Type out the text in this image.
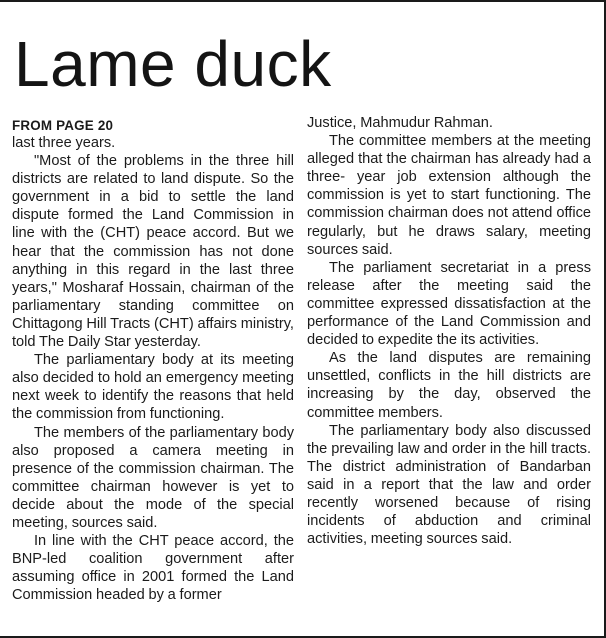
Lame duck
FROM PAGE 20

last three years.

"Most of the problems in the three hill districts are related to land dispute. So the government in a bid to settle the land dispute formed the Land Commission in line with the (CHT) peace accord. But we hear that the commission has not done anything in this regard in the last three years," Mosharaf Hossain, chairman of the parliamentary standing committee on Chittagong Hill Tracts (CHT) affairs ministry, told The Daily Star yesterday.

The parliamentary body at its meeting also decided to hold an emergency meeting next week to identify the reasons that held the commission from functioning.

The members of the parliamentary body also proposed a camera meeting in presence of the commission chairman. The committee chairman however is yet to decide about the mode of the special meeting, sources said.

In line with the CHT peace accord, the BNP-led coalition government after assuming office in 2001 formed the Land Commission headed by a former

Justice, Mahmudur Rahman.

The committee members at the meeting alleged that the chairman has already had a three- year job extension although the commission is yet to start functioning. The commission chairman does not attend office regularly, but he draws salary, meeting sources said.

The parliament secretariat in a press release after the meeting said the committee expressed dissatisfaction at the performance of the Land Commission and decided to expedite the its activities.

As the land disputes are remaining unsettled, conflicts in the hill districts are increasing by the day, observed the committee members.

The parliamentary body also discussed the prevailing law and order in the hill tracts. The district administration of Bandarban said in a report that the law and order recently worsened because of rising incidents of abduction and criminal activities, meeting sources said.
